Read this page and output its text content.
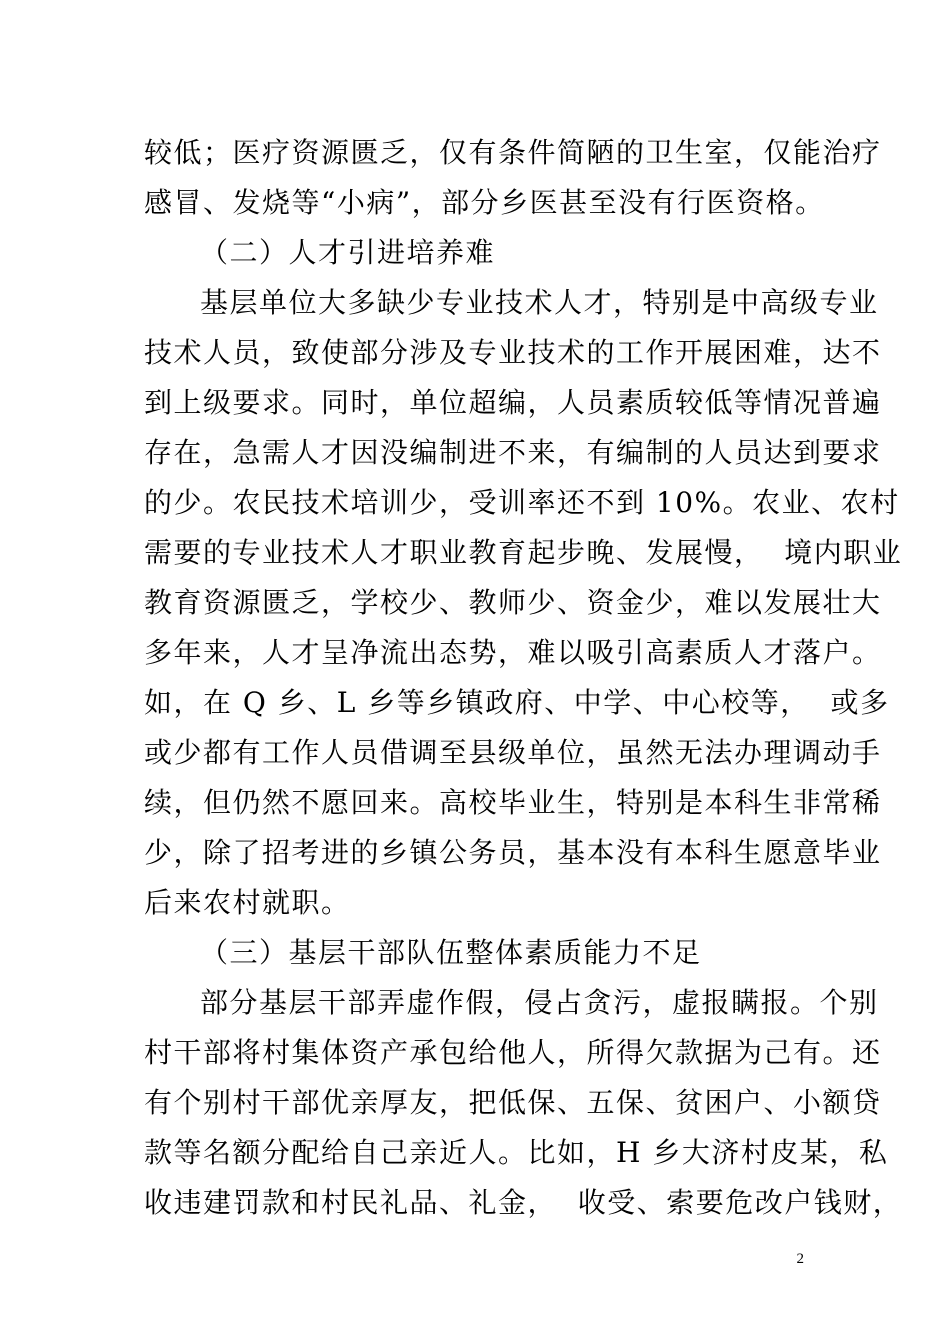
较低；医疗资源匮乏，仅有条件简陋的卫生室，仅能治疗
感冒、发烧等“小病”，部分乡医甚至没有行医资格。
（二）人才引进培养难
基层单位大多缺少专业技术人才，特别是中高级专业
技术人员，致使部分涉及专业技术的工作开展困难，达不
到上级要求。同时，单位超编，人员素质较低等情况普遍
存在，急需人才因没编制进不来，有编制的人员达到要求
的少。农民技术培训少，受训率还不到 10%。农业、农村
需要的专业技术人才职业教育起步晚、发展慢，  境内职业
教育资源匮乏，学校少、教师少、资金少，难以发展壮大
多年来，人才呈净流出态势，难以吸引高素质人才落户。
如，在 Q 乡、L 乡等乡镇政府、中学、中心校等，  或多
或少都有工作人员借调至县级单位，虽然无法办理调动手
续，但仍然不愿回来。高校毕业生，特别是本科生非常稀
少，除了招考进的乡镇公务员，基本没有本科生愿意毕业
后来农村就职。
（三）基层干部队伍整体素质能力不足
部分基层干部弄虚作假，侵占贪污，虚报瞒报。个别
村干部将村集体资产承包给他人，所得欠款据为己有。还
有个别村干部优亲厚友，把低保、五保、贫困户、小额贷
款等名额分配给自己亲近人。比如，H 乡大济村皮某，私
收违建罚款和村民礼品、礼金，  收受、索要危改户钱财，
2
